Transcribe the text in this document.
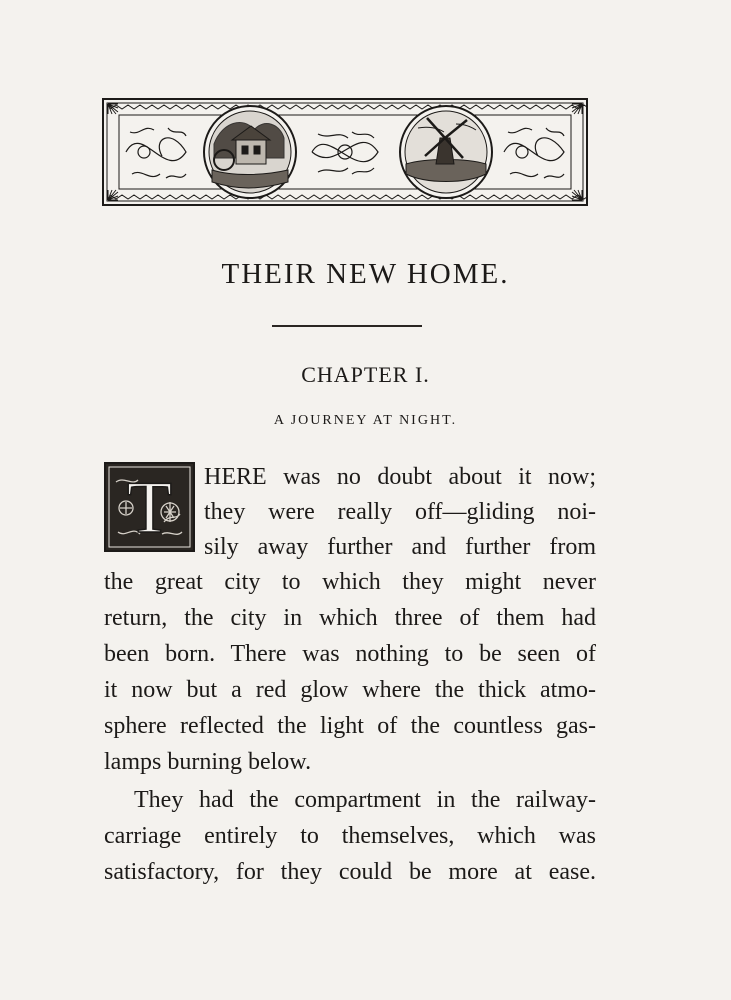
THEIR NEW HOME.
CHAPTER I.
A JOURNEY AT NIGHT.
T HERE was no doubt about it now;
they were really off—gliding noi-
sily away further and further from
the great city to which they might never
return, the city in which three of them had
been born. There was nothing to be seen of
it now but a red glow where the thick atmo-
sphere reflected the light of the countless gas-
lamps burning below.
They had the compartment in the railway-
carriage entirely to themselves, which was
satisfactory, for they could be more at ease.
